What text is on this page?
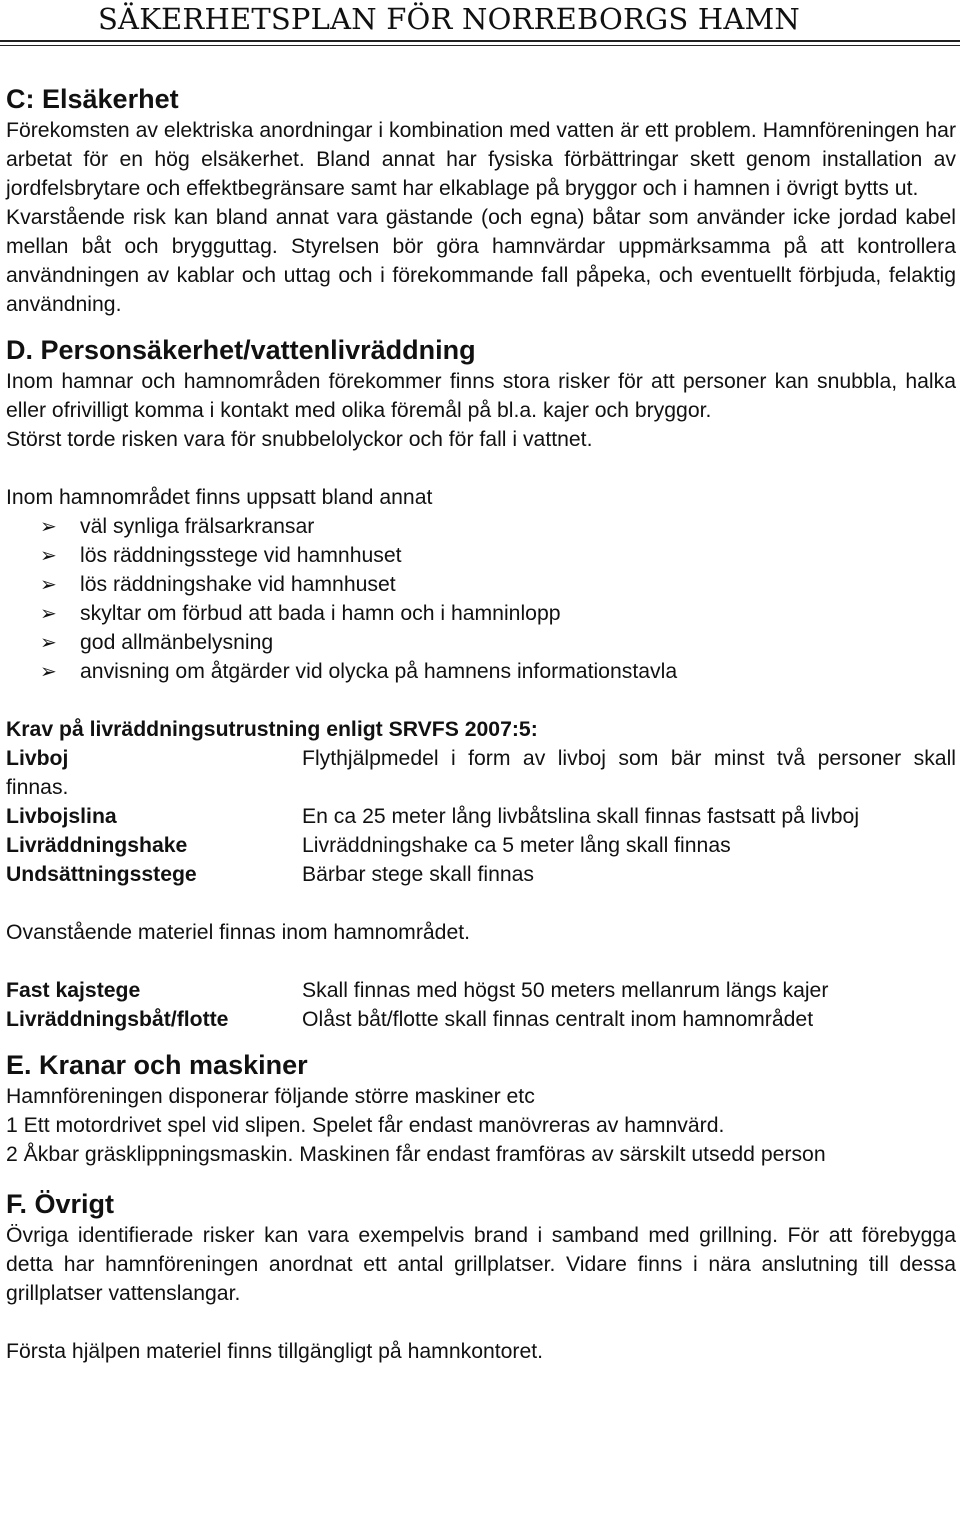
SÄKERHETSPLAN FÖR NORREBORGS HAMN
C: Elsäkerhet

Förekomsten av elektriska anordningar i kombination med vatten är ett problem. Hamnföreningen har arbetat för en hög elsäkerhet. Bland annat har fysiska förbättringar skett genom installation av jordfelsbrytare och effektbegränsare samt har elkablage på bryggor och i hamnen i övrigt bytts ut.

Kvarstående risk kan bland annat vara gästande (och egna) båtar som använder icke jordad kabel mellan båt och brygguttag. Styrelsen bör göra hamnvärdar uppmärksamma på att kontrollera användningen av kablar och uttag och i förekommande fall påpeka, och eventuellt förbjuda, felaktig användning.

D. Personsäkerhet/vattenlivräddning

Inom hamnar och hamnområden förekommer finns stora risker för att personer kan snubbla, halka eller ofrivilligt komma i kontakt med olika föremål på bl.a. kajer och bryggor.

Störst torde risken vara för snubbelolyckor och för fall i vattnet.

Inom hamnområdet finns uppsatt bland annat

➢	väl synliga frälsarkransar
➢	lös räddningsstege vid hamnhuset
➢	lös räddningshake vid hamnhuset
➢	skyltar om förbud att bada i hamn och i hamninlopp
➢	god allmänbelysning
➢	anvisning om åtgärder vid olycka på hamnens informationstavla

Krav på livräddningsutrustning enligt SRVFS 2007:5:

Livboj	Flythjälpmedel i form av livboj som bär minst två personer skall finnas.

Livbojslina	En ca 25 meter lång livbåtslina skall finnas fastsatt på livboj

Livräddningshake	Livräddningshake ca 5 meter lång skall finnas
Undsättningsstege	Bärbar stege skall finnas

Ovanstående materiel finnas inom hamnområdet.

Fast kajstege	Skall finnas med högst 50 meters mellanrum längs kajer
Livräddningsbåt/flotte	Olåst båt/flotte skall finnas centralt inom hamnområdet
E. Kranar och maskiner

Hamnföreningen disponerar följande större maskiner etc

1 Ett motordrivet spel vid slipen. Spelet får endast manövreras av hamnvärd.

2 Åkbar gräsklippningsmaskin. Maskinen får endast framföras av särskilt utsedd person

F. Övrigt

Övriga identifierade risker kan vara exempelvis brand i samband med grillning. För att förebygga detta har hamnföreningen anordnat ett antal grillplatser. Vidare finns i nära anslutning till dessa grillplatser vattenslangar.

Första hjälpen materiel finns tillgängligt på hamnkontoret.
